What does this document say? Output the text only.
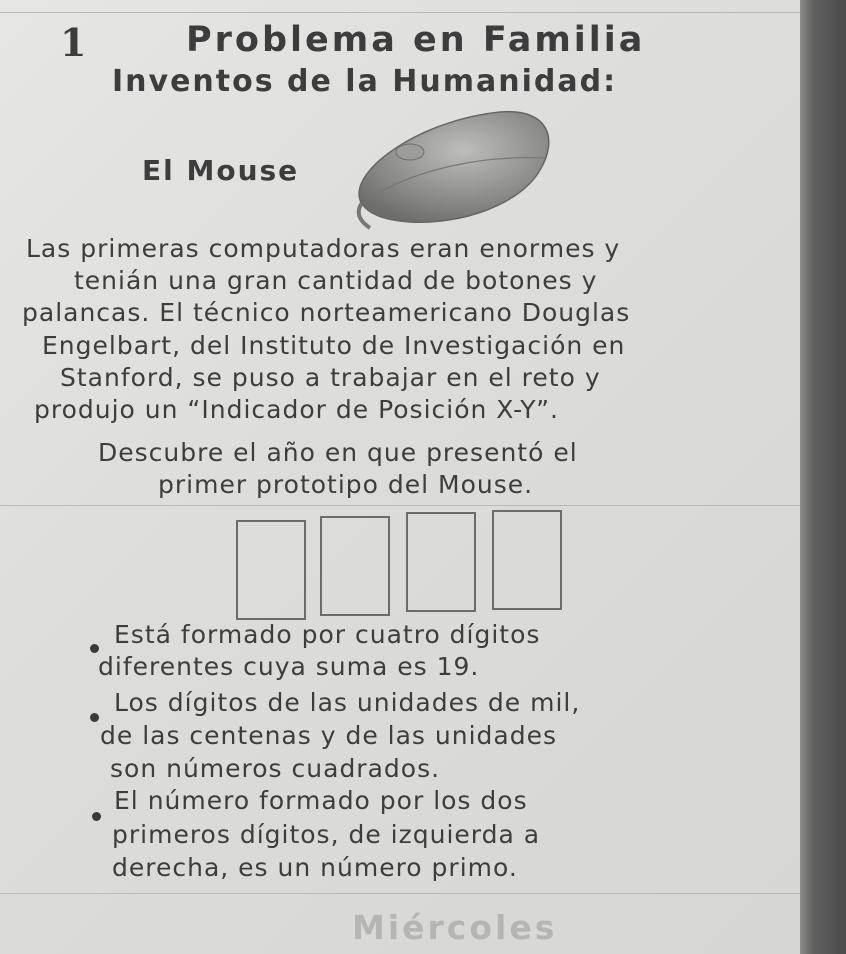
1	Problema en Familia
Inventos de la Humanidad:
El Mouse
Las primeras computadoras eran enormes y
tenián una gran cantidad de botones y
palancas. El técnico norteamericano Douglas
Engelbart, del Instituto de Investigación en
Stanford, se puso a trabajar en el reto y
produjo un “Indicador de Posición X-Y”.
Descubre el año en que presentó el
primer prototipo del Mouse.
Está formado por cuatro dígitos
diferentes cuya suma es 19.
Los dígitos de las unidades de mil,
de las centenas y de las unidades
son números cuadrados.
El número formado por los dos
primeros dígitos, de izquierda a
derecha, es un número primo.
Miércoles
